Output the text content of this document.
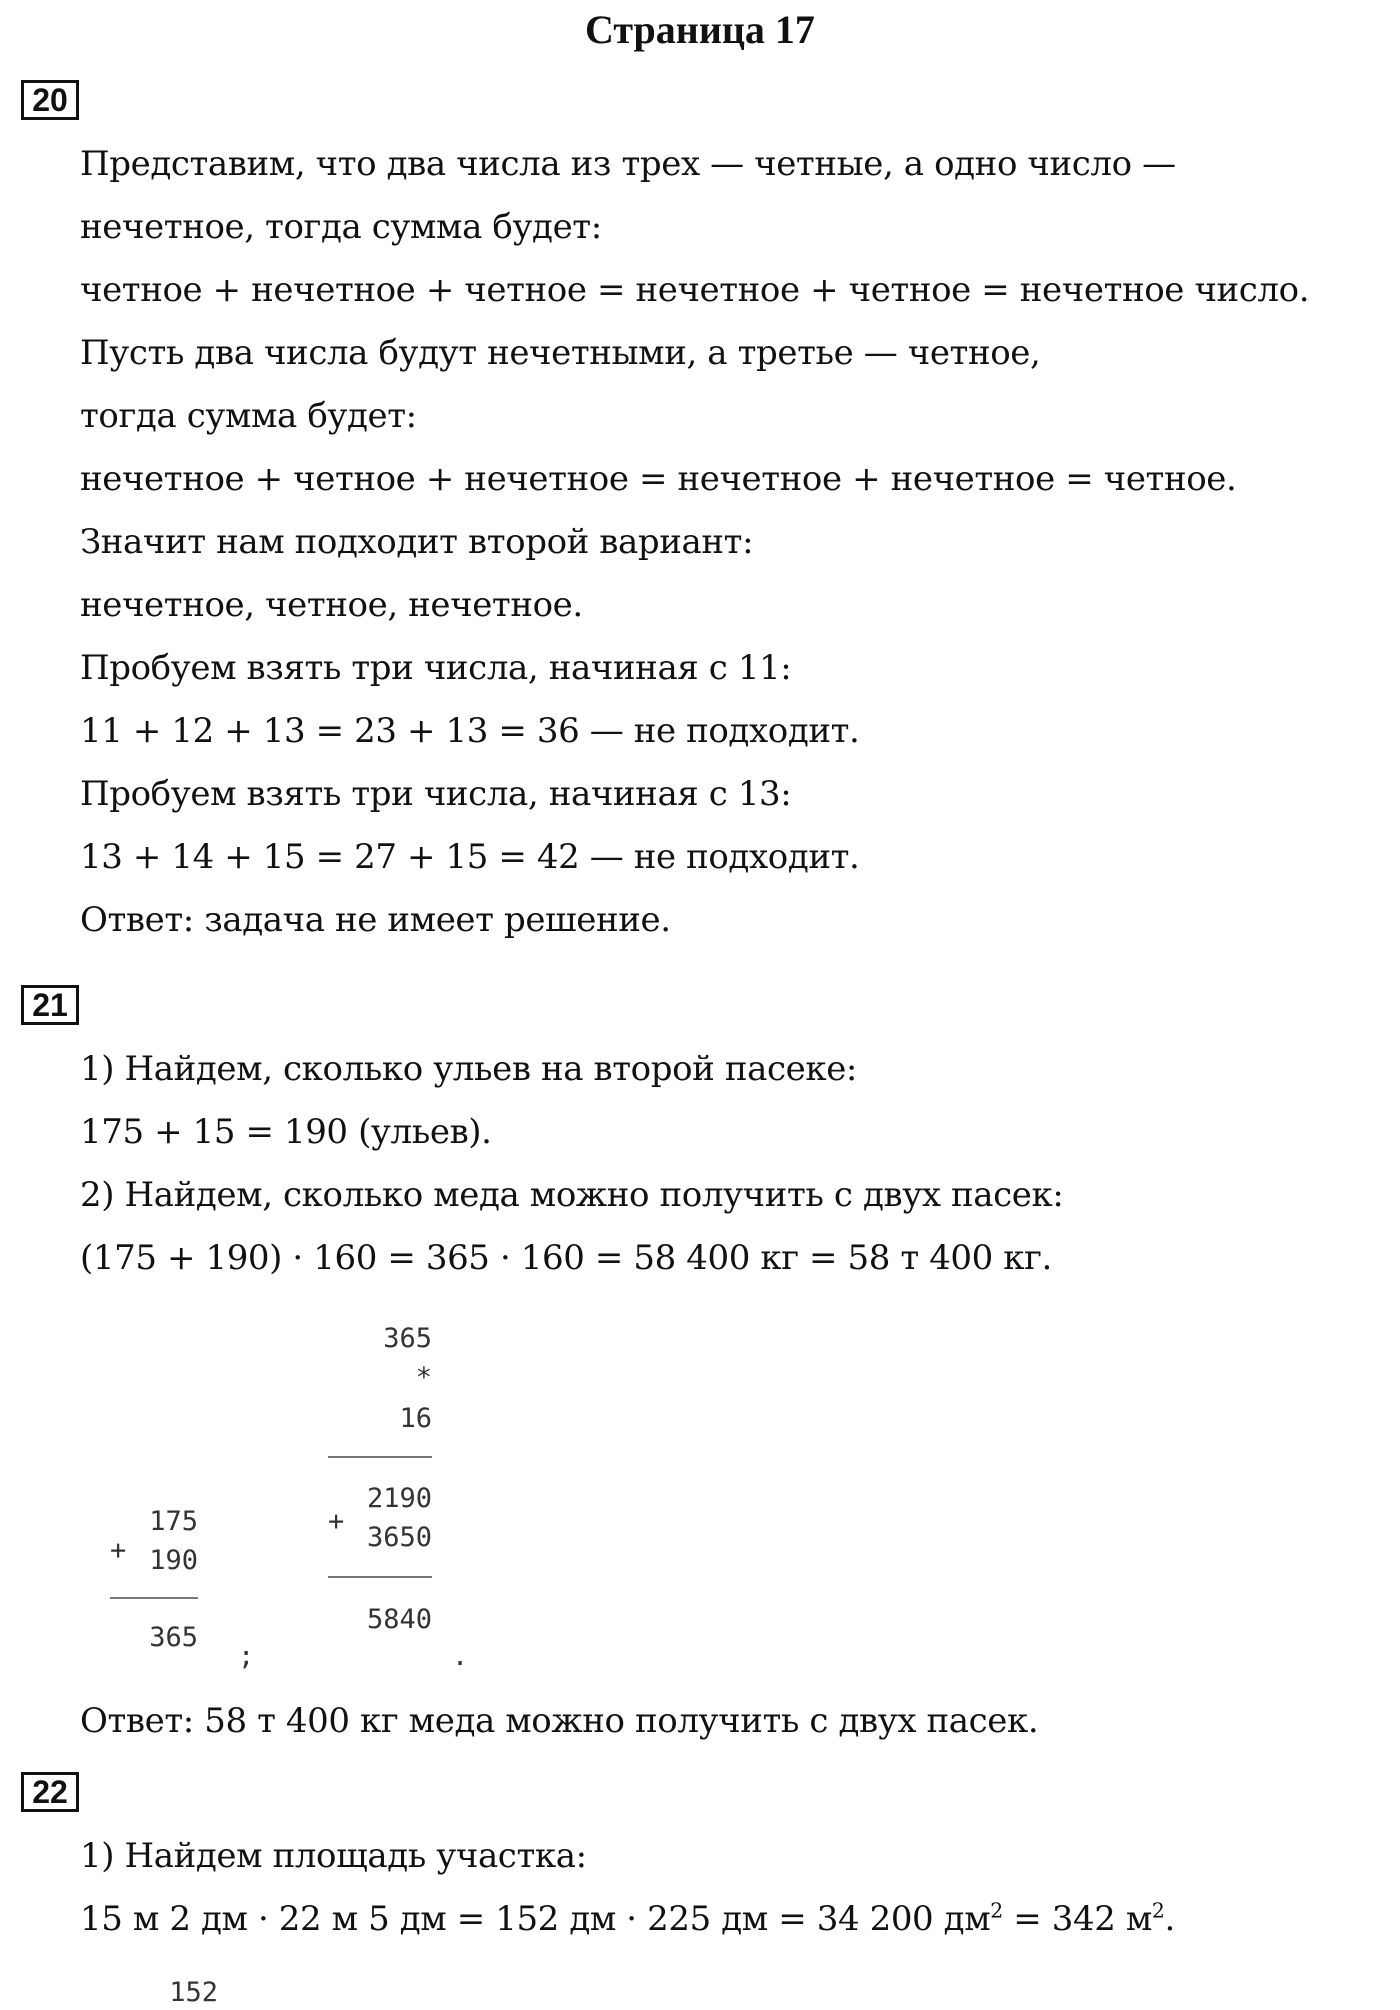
Страница 17
20
Представим, что два числа из трех — четные, а одно число —
нечетное, тогда сумма будет:
четное + нечетное + четное = нечетное + четное = нечетное число.
Пусть два числа будут нечетными, а третье — четное,
тогда сумма будет:
нечетное + четное + нечетное = нечетное + нечетное = четное.
Значит нам подходит второй вариант:
нечетное, четное, нечетное.
Пробуем взять три числа, начиная с 11:
11 + 12 + 13 = 23 + 13 = 36 — не подходит.
Пробуем взять три числа, начиная с 13:
13 + 14 + 15 = 27 + 15 = 42 — не подходит.
Ответ: задача не имеет решение.
21
1) Найдем, сколько ульев на второй пасеке:
175 + 15 = 190 (ульев).
2) Найдем, сколько меда можно получить с двух пасек:
(175 + 190) · 160 = 365 · 160 = 58 400 кг = 58 т 400 кг.
+
175
190
365
;
365
*
16
+
2190
3650
5840
.
Ответ: 58 т 400 кг меда можно получить с двух пасек.
22
1) Найдем площадь участка:
15 м 2 дм · 22 м 5 дм = 152 дм · 225 дм = 34 200 $дм^2 = 342$ $м^2$.
152
